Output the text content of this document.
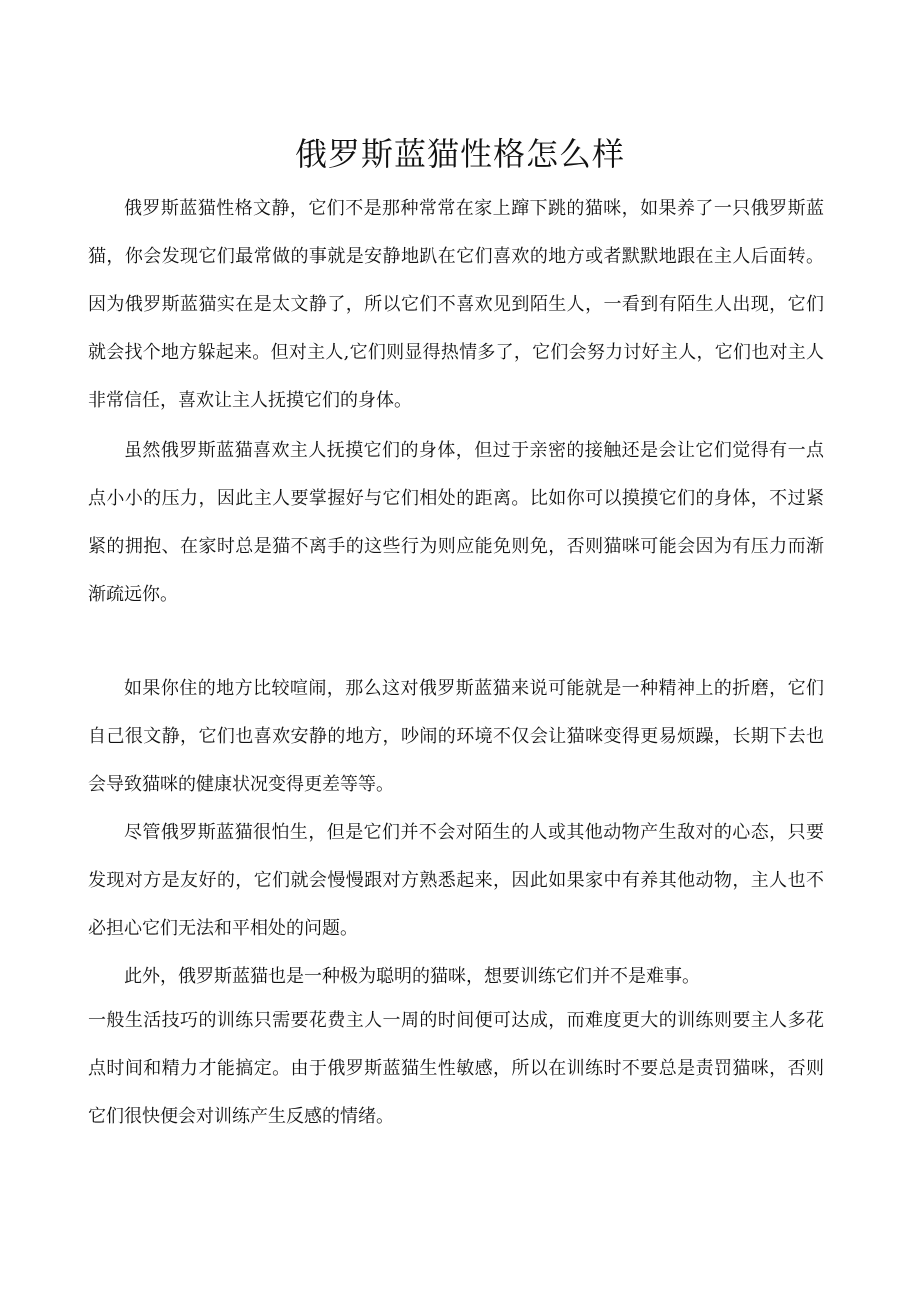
俄罗斯蓝猫性格怎么样

俄罗斯蓝猫性格文静，它们不是那种常常在家上蹿下跳的猫咪，如果养了一只俄罗斯蓝猫，你会发现它们最常做的事就是安静地趴在它们喜欢的地方或者默默地跟在主人后面转。因为俄罗斯蓝猫实在是太文静了，所以它们不喜欢见到陌生人，一看到有陌生人出现，它们就会找个地方躲起来。但对主人,它们则显得热情多了，它们会努力讨好主人，它们也对主人非常信任，喜欢让主人抚摸它们的身体。

虽然俄罗斯蓝猫喜欢主人抚摸它们的身体，但过于亲密的接触还是会让它们觉得有一点点小小的压力，因此主人要掌握好与它们相处的距离。比如你可以摸摸它们的身体，不过紧紧的拥抱、在家时总是猫不离手的这些行为则应能免则免，否则猫咪可能会因为有压力而渐渐疏远你。

如果你住的地方比较喧闹，那么这对俄罗斯蓝猫来说可能就是一种精神上的折磨，它们自己很文静，它们也喜欢安静的地方，吵闹的环境不仅会让猫咪变得更易烦躁，长期下去也会导致猫咪的健康状况变得更差等等。

尽管俄罗斯蓝猫很怕生，但是它们并不会对陌生的人或其他动物产生敌对的心态，只要发现对方是友好的，它们就会慢慢跟对方熟悉起来，因此如果家中有养其他动物，主人也不必担心它们无法和平相处的问题。

此外，俄罗斯蓝猫也是一种极为聪明的猫咪，想要训练它们并不是难事。

一般生活技巧的训练只需要花费主人一周的时间便可达成，而难度更大的训练则要主人多花点时间和精力才能搞定。由于俄罗斯蓝猫生性敏感，所以在训练时不要总是责罚猫咪，否则它们很快便会对训练产生反感的情绪。
